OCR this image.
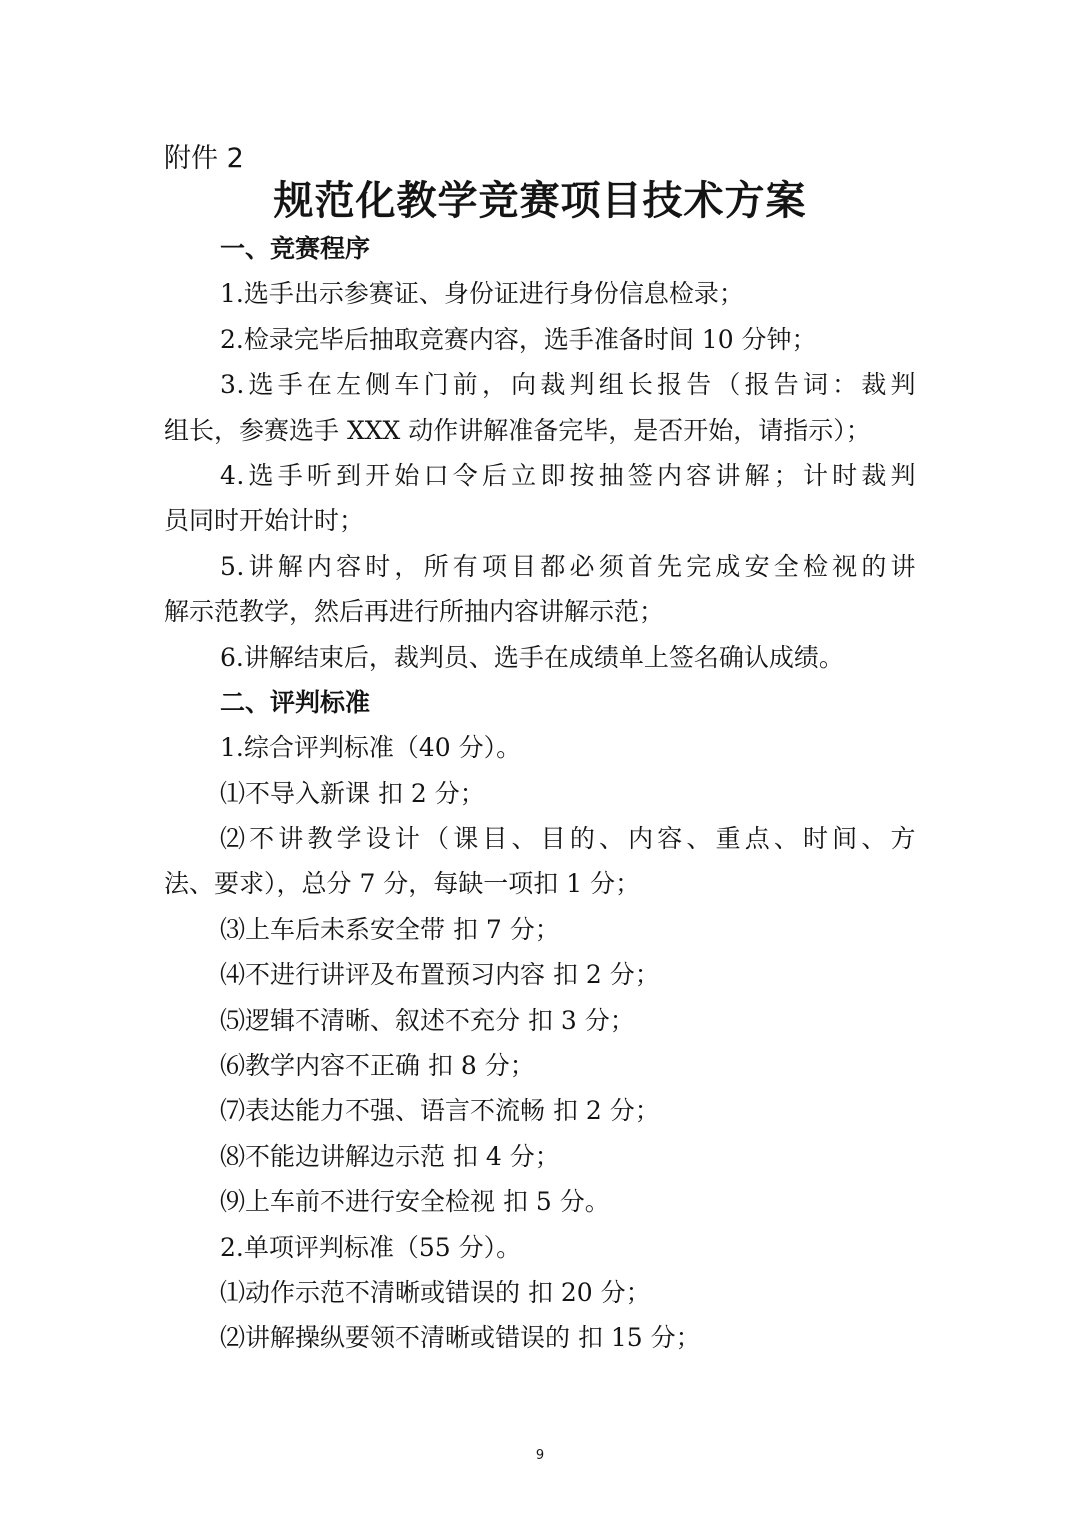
附件 2

规范化教学竞赛项目技术方案

一、竞赛程序

1.选手出示参赛证、身份证进行身份信息检录；

2.检录完毕后抽取竞赛内容，选手准备时间 10 分钟；

3.选手在左侧车门前，向裁判组长报告（报告词：裁判

组长，参赛选手 XXX 动作讲解准备完毕，是否开始，请指示）；

4.选手听到开始口令后立即按抽签内容讲解；计时裁判

员同时开始计时；

5.讲解内容时，所有项目都必须首先完成安全检视的讲

解示范教学，然后再进行所抽内容讲解示范；

6.讲解结束后，裁判员、选手在成绩单上签名确认成绩。

二、评判标准

1.综合评判标准（40 分）。

⑴不导入新课 扣 2 分；

⑵不讲教学设计（课目、目的、内容、重点、时间、方

法、要求），总分 7 分，每缺一项扣 1 分；

⑶上车后未系安全带 扣 7 分；

⑷不进行讲评及布置预习内容 扣 2 分；

⑸逻辑不清晰、叙述不充分 扣 3 分；

⑹教学内容不正确 扣 8 分；

⑺表达能力不强、语言不流畅 扣 2 分；

⑻不能边讲解边示范 扣 4 分；

⑼上车前不进行安全检视 扣 5 分。

2.单项评判标准（55 分）。

⑴动作示范不清晰或错误的 扣 20 分；

⑵讲解操纵要领不清晰或错误的 扣 15 分；

9
